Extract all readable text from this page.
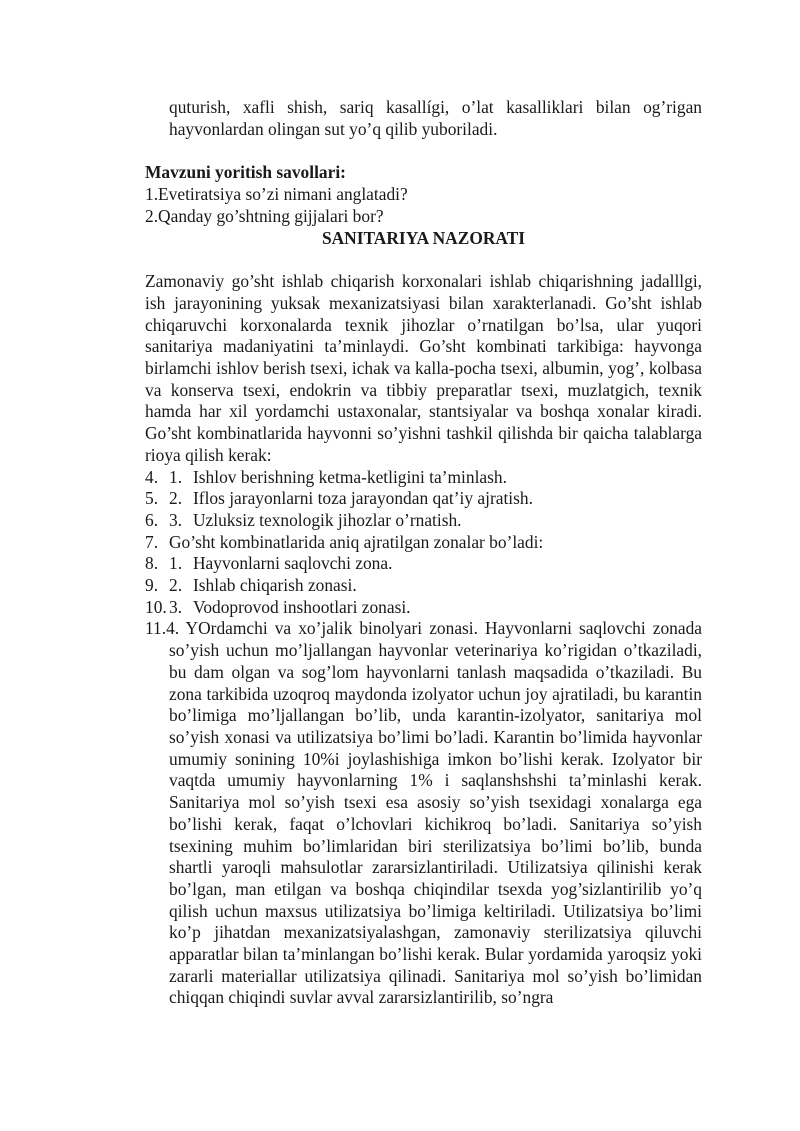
quturish, xafli shish, sariq kasallígi, o’lat kasalliklari bilan og’rigan hayvonlardan olingan sut yo’q qilib yuboriladi.
Mavzuni yoritish savollari:
1.Evetiratsiya so’zi nimani anglatadi?
2.Qanday go’shtning gijjalari bor?
SANITARIYA NAZORATI
Zamonaviy go’sht ishlab chiqarish korxonalari ishlab chiqarishning jadalllgi, ish jarayonining yuksak mexanizatsiyasi bilan xarakterlanadi. Go’sht ishlab chiqaruvchi korxonalarda texnik jihozlar o’rnatilgan bo’lsa, ular yuqori sanitariya madaniyatini ta’minlaydi. Go’sht kombinati tarkibiga: hayvonga birlamchi ishlov berish tsexi, ichak va kalla-pocha tsexi, albumin, yog’, kolbasa va konserva tsexi, endokrin va tibbiy preparatlar tsexi, muzlatgich, texnik hamda har xil yordamchi ustaxonalar, stantsiyalar va boshqa xonalar kiradi. Go’sht kombinatlarida hayvonni so’yishni tashkil qilishda bir qaicha talablarga rioya qilish kerak:
4. 1. Ishlov berishning ketma-ketligini ta’minlash.
5. 2. Iflos jarayonlarni toza jarayondan qat’iy ajratish.
6. 3. Uzluksiz texnologik jihozlar o’rnatish.
7. Go’sht kombinatlarida aniq ajratilgan zonalar bo’ladi:
8. 1. Hayvonlarni saqlovchi zona.
9. 2. Ishlab chiqarish zonasi.
10. 3. Vodoprovod inshootlari zonasi.
11.4. YOrdamchi va xo’jalik binolyari zonasi. Hayvonlarni saqlovchi zonada so’yish uchun mo’ljallangan hayvonlar veterinariya ko’rigidan o’tkaziladi, bu dam olgan va sog’lom hayvonlarni tanlash maqsadida o’tkaziladi. Bu zona tarkibida uzoqroq maydonda izolyator uchun joy ajratiladi, bu karantin bo’limiga mo’ljallangan bo’lib, unda karantin-izolyator, sanitariya mol so’yish xonasi va utilizatsiya bo’limi bo’ladi. Karantin bo’limida hayvonlar umumiy sonining 10%i joylashishiga imkon bo’lishi kerak. Izolyator bir vaqtda umumiy hayvonlarning 1% i saqlanshshshi ta’minlashi kerak. Sanitariya mol so’yish tsexi esa asosiy so’yish tsexidagi xonalarga ega bo’lishi kerak, faqat o’lchovlari kichikroq bo’ladi. Sanitariya so’yish tsexining muhim bo’limlaridan biri sterilizatsiya bo’limi bo’lib, bunda shartli yaroqli mahsulotlar zararsizlantiriladi. Utilizatsiya qilinishi kerak bo’lgan, man etilgan va boshqa chiqindilar tsexda yog’sizlantirilib yo’q qilish uchun maxsus utilizatsiya bo’limiga keltiriladi. Utilizatsiya bo’limi ko’p jihatdan mexanizatsiyalashgan, zamonaviy sterilizatsiya qiluvchi apparatlar bilan ta’minlangan bo’lishi kerak. Bular yordamida yaroqsiz yoki zararli materiallar utilizatsiya qilinadi. Sanitariya mol so’yish bo’limidan chiqqan chiqindi suvlar avval zararsizlantirilib, so’ngra
